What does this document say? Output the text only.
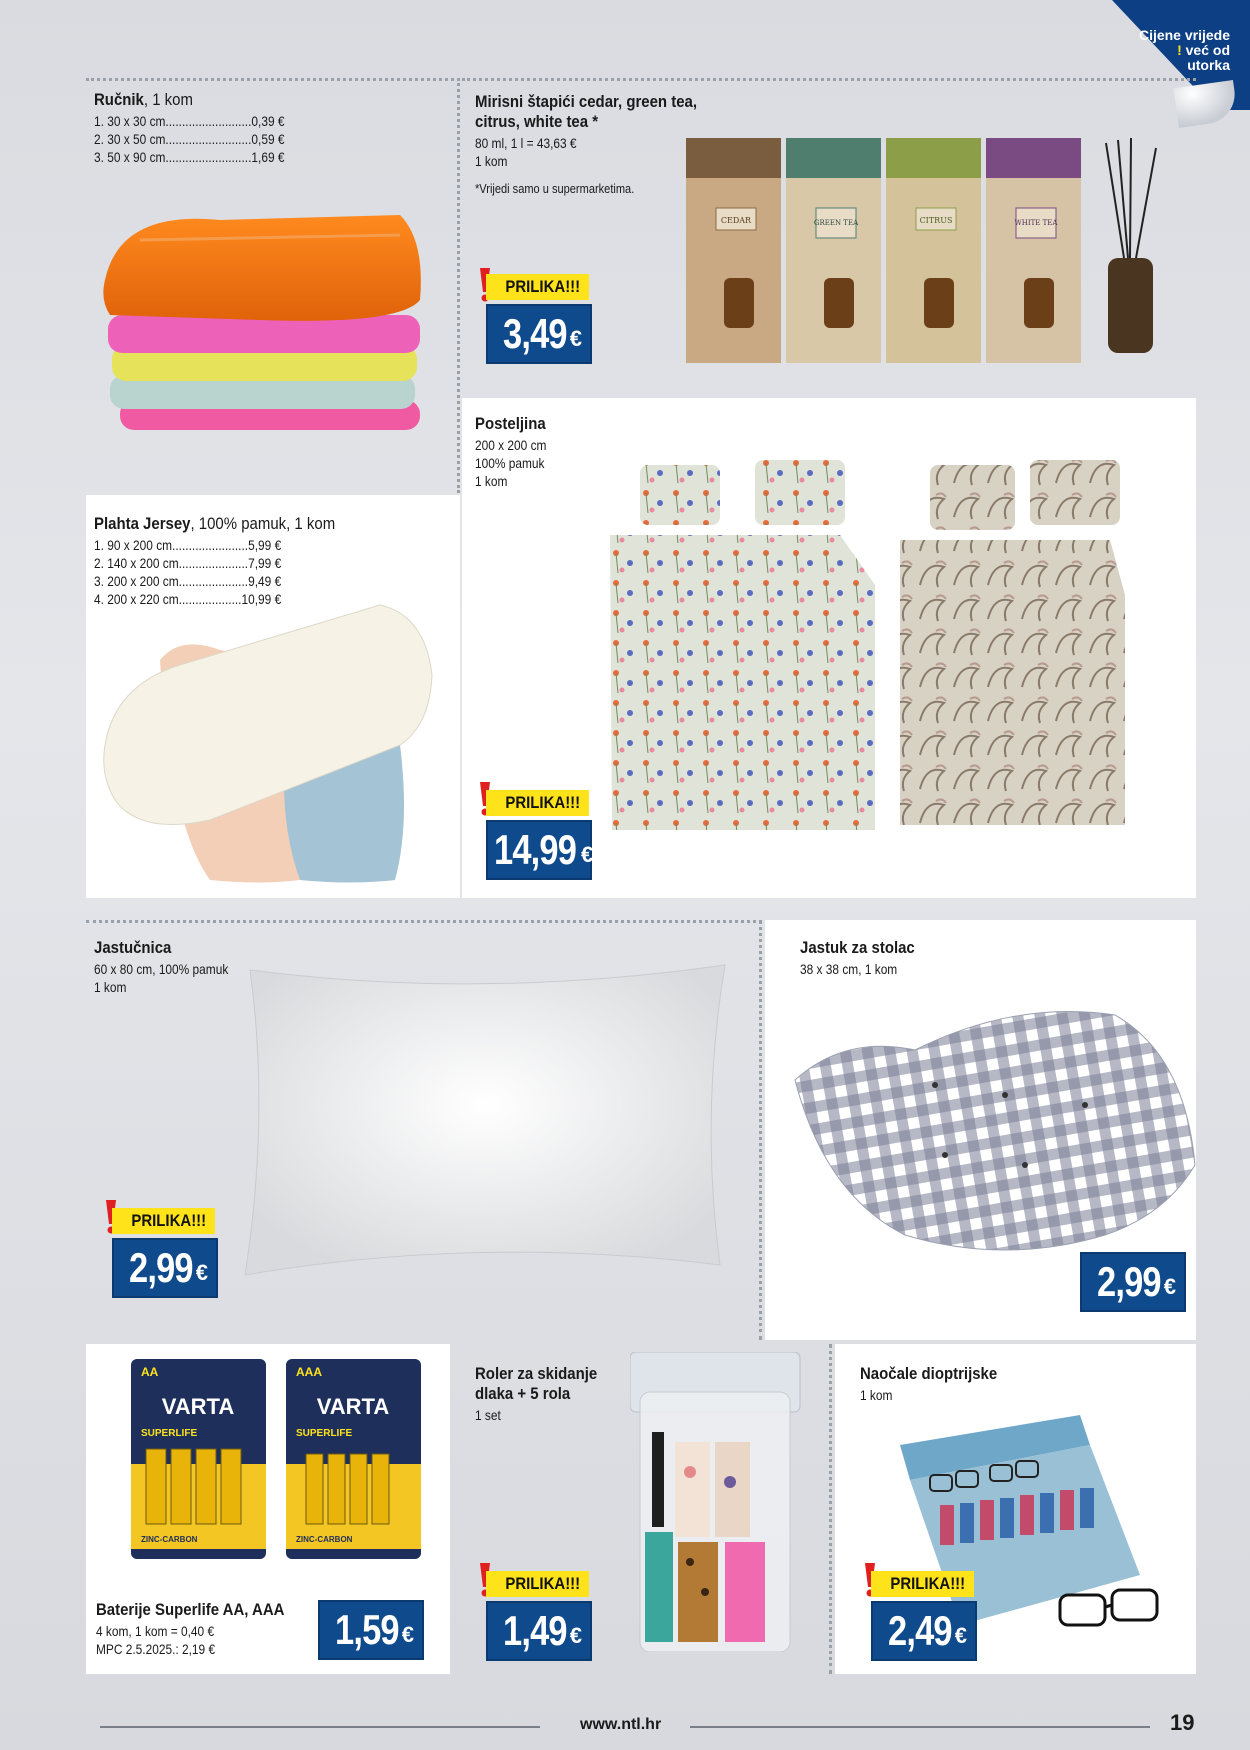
Cijene vrijede
! već od
utorka
Ručnik, 1 kom
1. 30 x 30 cm..........................0,39 €
2. 30 x 50 cm..........................0,59 €
3. 50 x 90 cm..........................1,69 €
Mirisni štapići cedar, green tea,
citrus, white tea *
80 ml, 1 l = 43,63 €
1 kom
*Vrijedi samo u supermarketima.
CEDAR	GREEN TEA	CITRUS	WHITE TEA
PRILIKA!!!
3,49 €
Posteljina
200 x 200 cm
100% pamuk
1 kom
PRILIKA!!!
14,99 €
Plahta Jersey, 100% pamuk, 1 kom
1. 90 x 200 cm.......................5,99 €
2. 140 x 200 cm.....................7,99 €
3. 200 x 200 cm.....................9,49 €
4. 200 x 220 cm...................10,99 €
Jastučnica
60 x 80 cm, 100% pamuk
1 kom
PRILIKA!!!
2,99 €
Jastuk za stolac
38 x 38 cm, 1 kom
2,99 €
AA	AAA
VARTA	VARTA
SUPERLIFE	SUPERLIFE
ZINC-CARBON	ZINC-CARBON
Baterije Superlife AA, AAA
4 kom, 1 kom = 0,40 €
MPC 2.5.2025.: 2,19 €	1,59 €
Roler za skidanje
dlaka + 5 rola
1 set
PRILIKA!!!
1,49 €
Naočale dioptrijske
1 kom
PRILIKA!!!
2,49 €
www.ntl.hr	19
